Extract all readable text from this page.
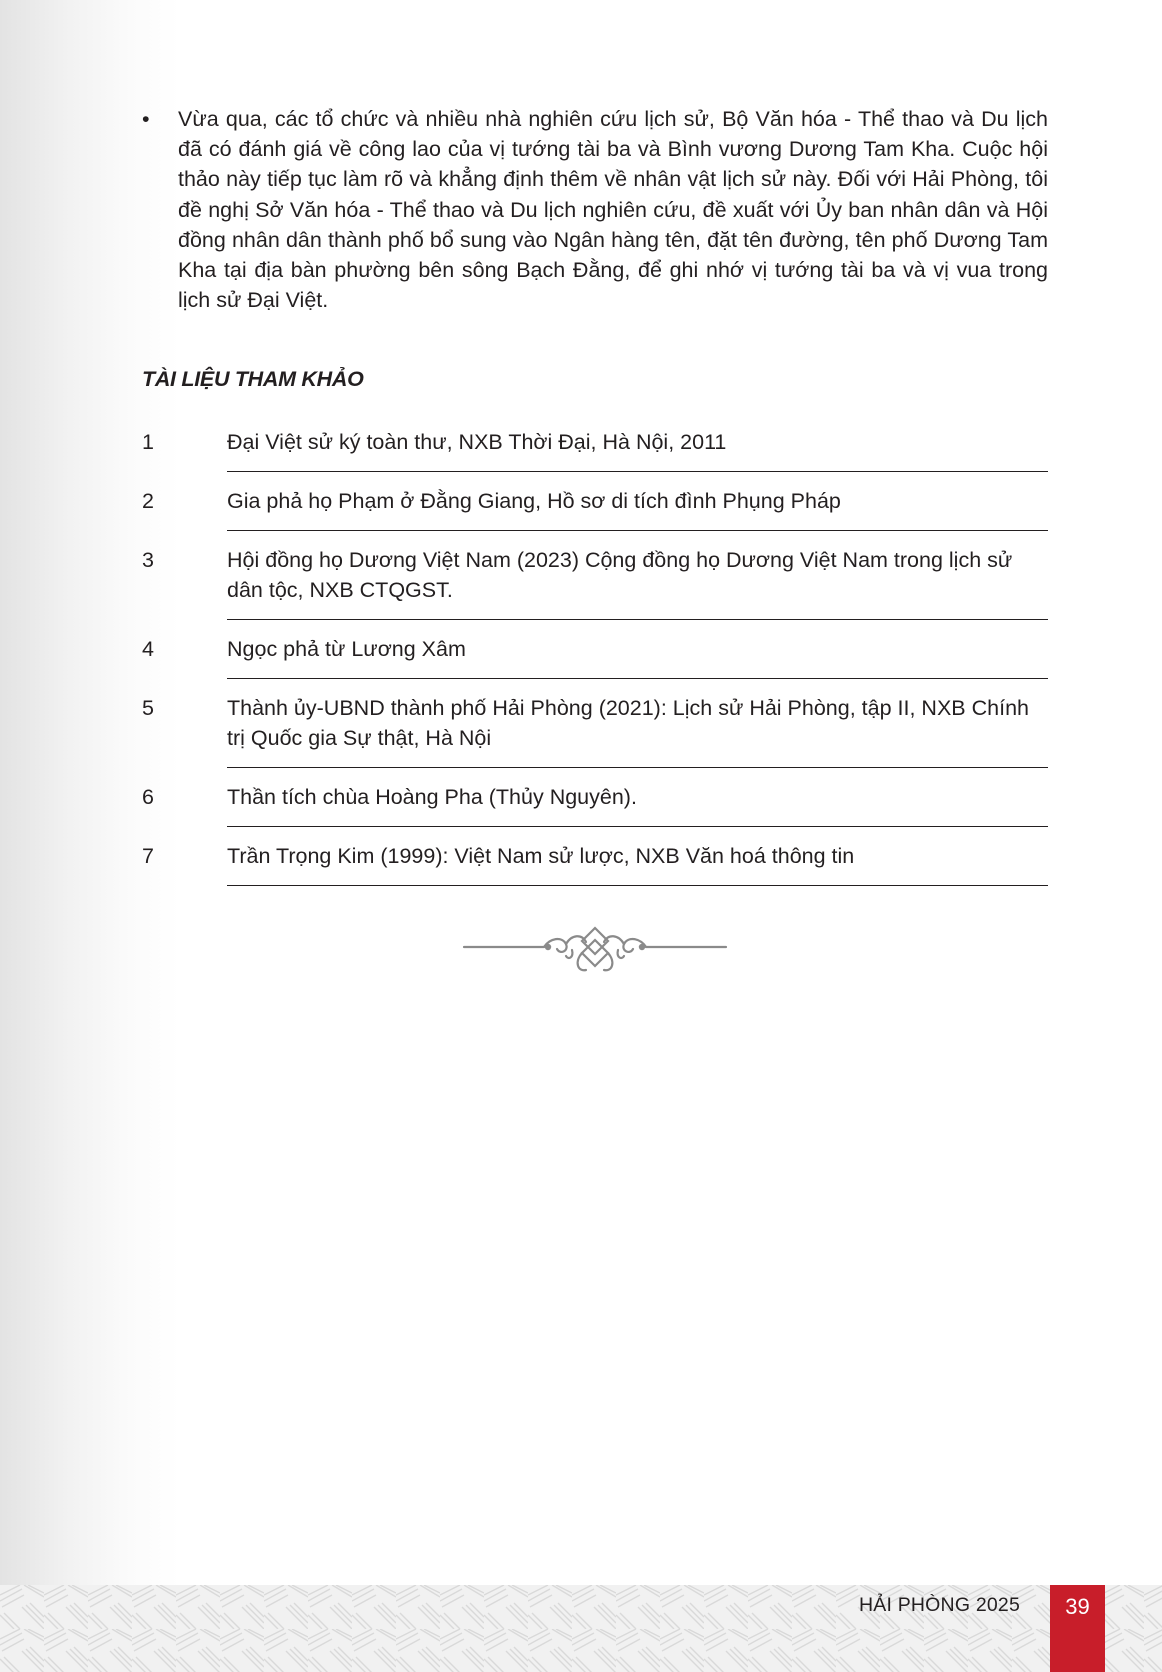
•	Vừa qua, các tổ chức và nhiều nhà nghiên cứu lịch sử, Bộ Văn hóa - Thể thao và Du lịch đã có đánh giá về công lao của vị tướng tài ba và Bình vương Dương Tam Kha. Cuộc hội thảo này tiếp tục làm rõ và khẳng định thêm về nhân vật lịch sử này. Đối với Hải Phòng, tôi đề nghị Sở Văn hóa - Thể thao và Du lịch nghiên cứu, đề xuất với Ủy ban nhân dân và Hội đồng nhân dân thành phố bổ sung vào Ngân hàng tên, đặt tên đường, tên phố Dương Tam Kha tại địa bàn phường bên sông Bạch Đằng, để ghi nhớ vị tướng tài ba và vị vua trong lịch sử Đại Việt.
TÀI LIỆU THAM KHẢO
1	Đại Việt sử ký toàn thư, NXB Thời Đại, Hà Nội, 2011
2	Gia phả họ Phạm ở Đằng Giang, Hồ sơ di tích đình Phụng Pháp
3	Hội đồng họ Dương Việt Nam (2023) Cộng đồng họ Dương Việt Nam trong lịch sử dân tộc, NXB CTQGST.
4	Ngọc phả từ Lương Xâm
5	Thành ủy-UBND thành phố Hải Phòng (2021): Lịch sử Hải Phòng, tập II, NXB Chính trị Quốc gia Sự thật, Hà Nội
6	Thần tích chùa Hoàng Pha (Thủy Nguyên).
7	Trần Trọng Kim (1999): Việt Nam sử lược, NXB Văn hoá thông tin
HẢI PHÒNG 2025	39
